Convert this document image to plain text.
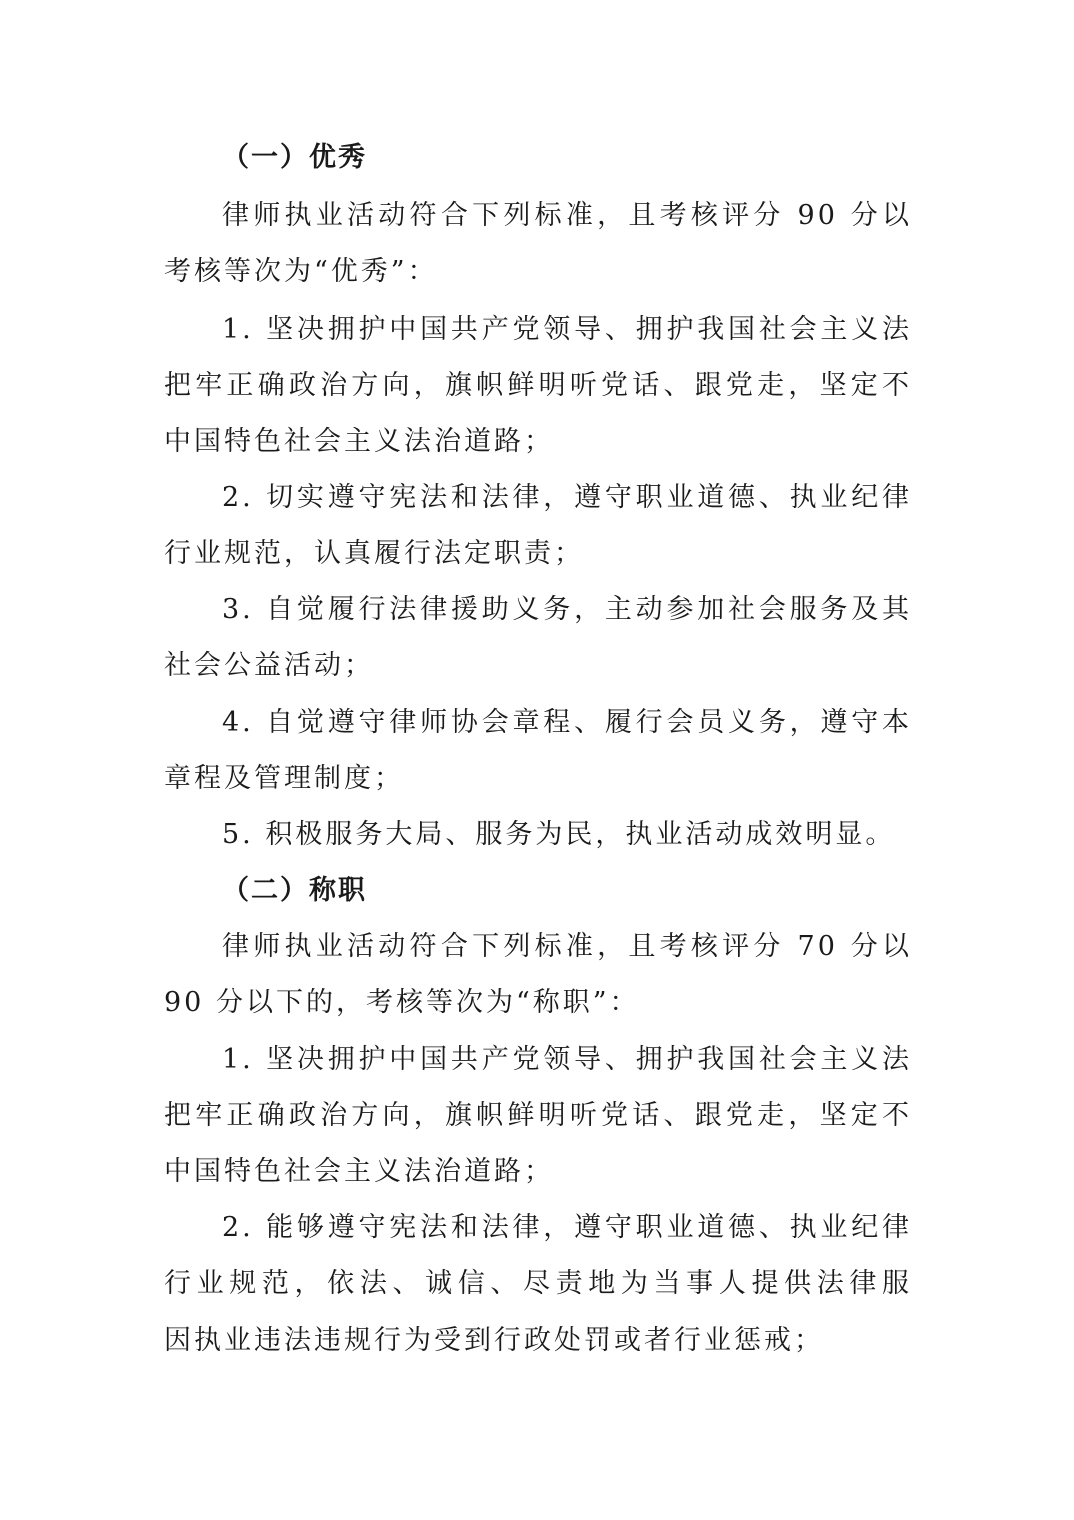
（一）优秀
律师执业活动符合下列标准，且考核评分 90 分以
考核等次为“优秀”：
1. 坚决拥护中国共产党领导、拥护我国社会主义法
把牢正确政治方向，旗帜鲜明听党话、跟党走，坚定不
中国特色社会主义法治道路；
2. 切实遵守宪法和法律，遵守职业道德、执业纪律
行业规范，认真履行法定职责；
3. 自觉履行法律援助义务，主动参加社会服务及其
社会公益活动；
4. 自觉遵守律师协会章程、履行会员义务，遵守本
章程及管理制度；
5. 积极服务大局、服务为民，执业活动成效明显。
（二）称职
律师执业活动符合下列标准，且考核评分 70 分以
90 分以下的，考核等次为“称职”：
1. 坚决拥护中国共产党领导、拥护我国社会主义法
把牢正确政治方向，旗帜鲜明听党话、跟党走，坚定不
中国特色社会主义法治道路；
2. 能够遵守宪法和法律，遵守职业道德、执业纪律
行业规范，依法、诚信、尽责地为当事人提供法律服
因执业违法违规行为受到行政处罚或者行业惩戒；
